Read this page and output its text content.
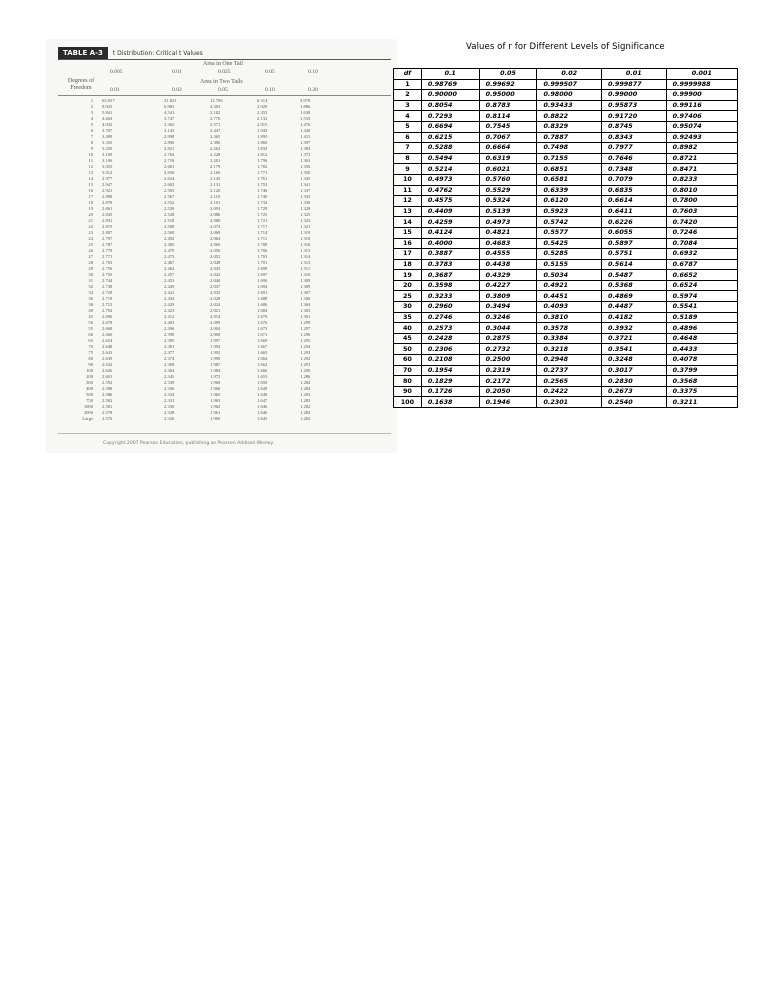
TABLE A-3	t Distribution: Critical t Values
Area in One Tail
Area in Two Tails
Degrees of Freedom
0.005	0.01	0.025	0.05	0.10
0.01	0.02	0.05	0.10	0.20
1 63.657	31.821	12.706	6.314	3.078
2 9.925	6.965	4.303	2.920	1.886
3 5.841	4.541	3.182	2.353	1.638
4 4.604	3.747	2.776	2.132	1.533
5 4.032	3.365	2.571	2.015	1.476
6 3.707	3.143	2.447	1.943	1.440
7 3.499	2.998	2.365	1.895	1.415
8 3.355	2.896	2.306	1.860	1.397
9 3.250	2.821	2.262	1.833	1.383
10 3.169	2.764	2.228	1.812	1.372
11 3.106	2.718	2.201	1.796	1.363
12 3.055	2.681	2.179	1.782	1.356
13 3.012	2.650	2.160	1.771	1.350
14 2.977	2.624	2.145	1.761	1.345
15 2.947	2.602	2.131	1.753	1.341
16 2.921	2.583	2.120	1.746	1.337
17 2.898	2.567	2.110	1.740	1.333
18 2.878	2.552	2.101	1.734	1.330
19 2.861	2.539	2.093	1.729	1.328
20 2.845	2.528	2.086	1.725	1.325
21 2.831	2.518	2.080	1.721	1.323
22 2.819	2.508	2.074	1.717	1.321
23 2.807	2.500	2.069	1.714	1.319
24 2.797	2.492	2.064	1.711	1.318
25 2.787	2.485	2.060	1.708	1.316
26 2.779	2.479	2.056	1.706	1.315
27 2.771	2.473	2.052	1.703	1.314
28 2.763	2.467	2.048	1.701	1.313
29 2.756	2.462	2.045	1.699	1.311
30 2.750	2.457	2.042	1.697	1.310
31 2.744	2.453	2.040	1.696	1.309
32 2.738	2.449	2.037	1.694	1.309
34 2.728	2.441	2.032	1.691	1.307
36 2.719	2.434	2.028	1.688	1.306
38 2.712	2.429	2.024	1.686	1.304
40 2.704	2.423	2.021	1.684	1.303
45 2.690	2.412	2.014	1.679	1.301
50 2.678	2.403	2.009	1.676	1.299
55 2.668	2.396	2.004	1.673	1.297
60 2.660	2.390	2.000	1.671	1.296
65 2.654	2.385	1.997	1.669	1.295
70 2.648	2.381	1.994	1.667	1.294
75 2.643	2.377	1.992	1.665	1.293
80 2.639	2.374	1.990	1.664	1.292
90 2.632	2.368	1.987	1.662	1.291
100 2.626	2.364	1.984	1.660	1.290
200 2.601	2.345	1.972	1.653	1.286
300 2.592	2.339	1.968	1.650	1.284
400 2.588	2.336	1.966	1.649	1.284
500 2.586	2.334	1.965	1.648	1.283
750 2.582	2.331	1.963	1.647	1.283
1000 2.581	2.330	1.962	1.646	1.282
2000 2.578	2.328	1.961	1.646	1.282
Large 2.576	2.326	1.960	1.645	1.282
Copyright 2007 Pearson Education, publishing as Pearson Addison-Wesley.
Values of r for Different Levels of Significance
df	0.1	0.05	0.02	0.01	0.001
1	0.98769	0.99692	0.999507	0.999877	0.9999988
2	0.90000	0.95000	0.98000	0.99000	0.99900
3	0.8054	0.8783	0.93433	0.95873	0.99116
4	0.7293	0.8114	0.8822	0.91720	0.97406
5	0.6694	0.7545	0.8329	0.8745	0.95074
6	0.6215	0.7067	0.7887	0.8343	0.92493
7	0.5288	0.6664	0.7498	0.7977	0.8982
8	0.5494	0.6319	0.7155	0.7646	0.8721
9	0.5214	0.6021	0.6851	0.7348	0.8471
10	0.4973	0.5760	0.6581	0.7079	0.8233
11	0.4762	0.5529	0.6339	0.6835	0.8010
12	0.4575	0.5324	0.6120	0.6614	0.7800
13	0.4409	0.5139	0.5923	0.6411	0.7603
14	0.4259	0.4973	0.5742	0.6226	0.7420
15	0.4124	0.4821	0.5577	0.6055	0.7246
16	0.4000	0.4683	0.5425	0.5897	0.7084
17	0.3887	0.4555	0.5285	0.5751	0.6932
18	0.3783	0.4438	0.5155	0.5614	0.6787
19	0.3687	0.4329	0.5034	0.5487	0.6652
20	0.3598	0.4227	0.4921	0.5368	0.6524
25	0.3233	0.3809	0.4451	0.4869	0.5974
30	0.2960	0.3494	0.4093	0.4487	0.5541
35	0.2746	0.3246	0.3810	0.4182	0.5189
40	0.2573	0.3044	0.3578	0.3932	0.4896
45	0.2428	0.2875	0.3384	0.3721	0.4648
50	0.2306	0.2732	0.3218	0.3541	0.4433
60	0.2108	0.2500	0.2948	0.3248	0.4078
70	0.1954	0.2319	0.2737	0.3017	0.3799
80	0.1829	0.2172	0.2565	0.2830	0.3568
90	0.1726	0.2050	0.2422	0.2673	0.3375
100	0.1638	0.1946	0.2301	0.2540	0.3211
